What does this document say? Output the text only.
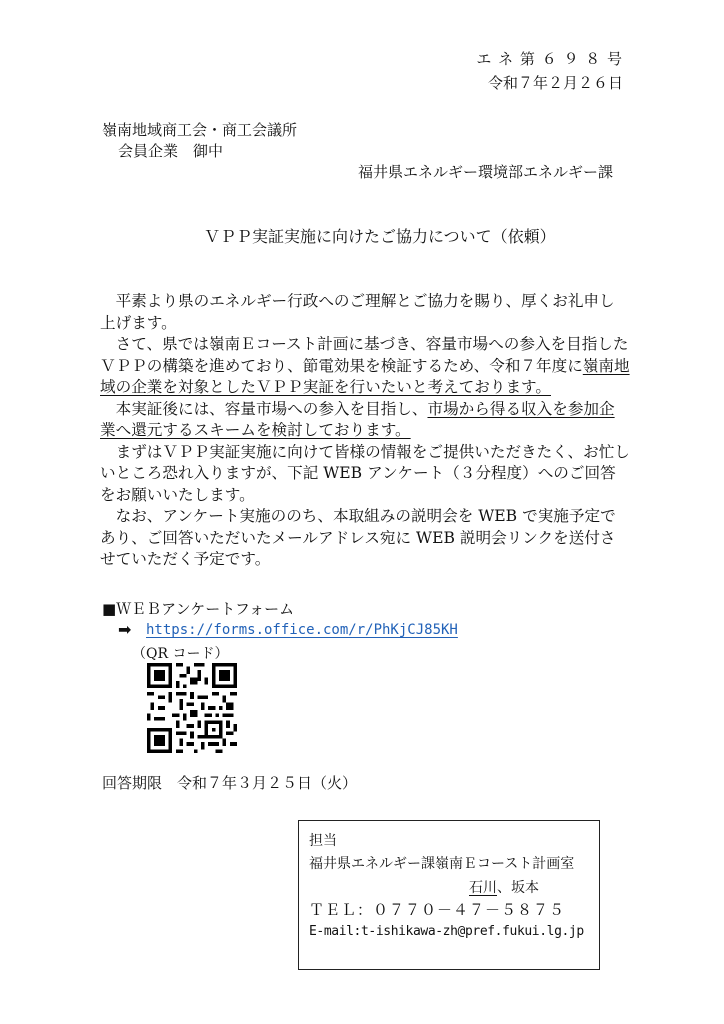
エ ネ 第 ６ ９ ８ 号
令和７年２月２６日
嶺南地域商工会・商工会議所
会員企業　御中
福井県エネルギー環境部エネルギー課
ＶＰＰ実証実施に向けたご協力について（依頼）

平素より県のエネルギー行政へのご理解とご協力を賜り、厚くお礼申し上げます。

さて、県では嶺南Ｅコースト計画に基づき、容量市場への参入を目指したＶＰＰの構築を進めており、節電効果を検証するため、令和７年度に嶺南地域の企業を対象としたＶＰＰ実証を行いたいと考えております。

本実証後には、容量市場への参入を目指し、市場から得る収入を参加企業へ還元するスキームを検討しております。

まずはＶＰＰ実証実施に向けて皆様の情報をご提供いただきたく、お忙しいところ恐れ入りますが、下記 WEB アンケート（３分程度）へのご回答をお願いいたします。

なお、アンケート実施ののち、本取組みの説明会を WEB で実施予定であり、ご回答いただいたメールアドレス宛に WEB 説明会リンクを送付させていただく予定です。

■ＷＥＢアンケートフォーム
➡ https://forms.office.com/r/PhKjCJ85KH
（QR コード）
回答期限　令和７年３月２５日（火）
担当
福井県エネルギー課嶺南Ｅコースト計画室
石川、坂本
ＴＥＬ：０７７０－４７－５８７５
E-mail:t-ishikawa-zh@pref.fukui.lg.jp
